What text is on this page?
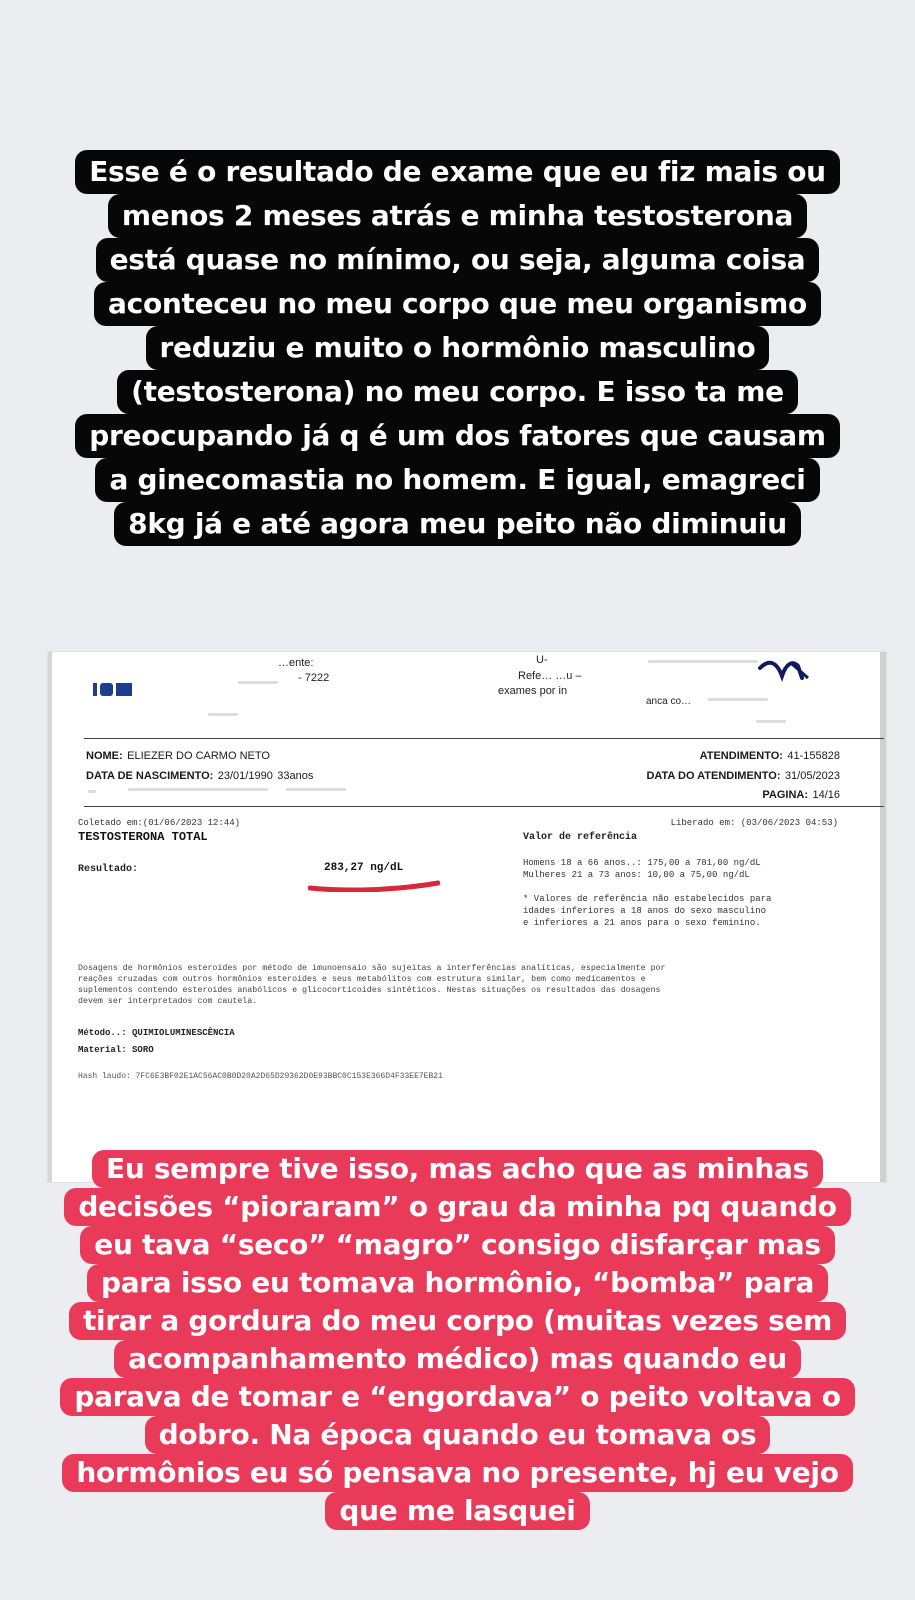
Esse é o resultado de exame que eu fiz mais ou
menos 2 meses atrás e minha testosterona
está quase no mínimo, ou seja, alguma coisa
aconteceu no meu corpo que meu organismo
reduziu e muito o hormônio masculino
(testosterona) no meu corpo. E isso ta me
preocupando já q é um dos fatores que causam
a ginecomastia no homem. E igual, emagreci
8kg já e até agora meu peito não diminuiu
…ente:
- 7222
U-
Refe… …u –
exames por in
anca co…
NOME: ELIEZER DO CARMO NETO
DATA DE NASCIMENTO: 23/01/1990 33anos
ATENDIMENTO: 41-155828
DATA DO ATENDIMENTO: 31/05/2023
PAGINA: 14/16
Coletado em:(01/06/2023 12:44)	Liberado em: (03/06/2023 04:53)
TESTOSTERONA TOTAL	Valor de referência
Resultado:	283,27 ng/dL	Homens 18 a 66 anos..: 175,00 a 781,00 ng/dL
Mulheres 21 a 73 anos: 10,00 a 75,00 ng/dL
* Valores de referência não estabelecidos para
idades inferiores a 18 anos do sexo masculino
e inferiores a 21 anos para o sexo feminino.
Dosagens de hormônios esteroides por método de imunoensaio são sujeitas a interferências analíticas, especialmente por
reações cruzadas com outros hormônios esteroides e seus metabólitos com estrutura similar, bem como medicamentos e
suplementos contendo esteroides anabólicos e glicocorticoides sintéticos. Nestas situações os resultados das dosagens
devem ser interpretados com cautela.
Método..: QUIMIOLUMINESCÊNCIA
Material: SORO
Hash laudo: 7FC6E3BF02E1AC56AC0B0D20A2D65D29362D0E93BBC0C153E366D4F33EE7EB21
Eu sempre tive isso, mas acho que as minhas
decisões “pioraram” o grau da minha pq quando
eu tava “seco” “magro” consigo disfarçar mas
para isso eu tomava hormônio, “bomba” para
tirar a gordura do meu corpo (muitas vezes sem
acompanhamento médico) mas quando eu
parava de tomar e “engordava” o peito voltava o
dobro. Na época quando eu tomava os
hormônios eu só pensava no presente, hj eu vejo
que me lasquei
